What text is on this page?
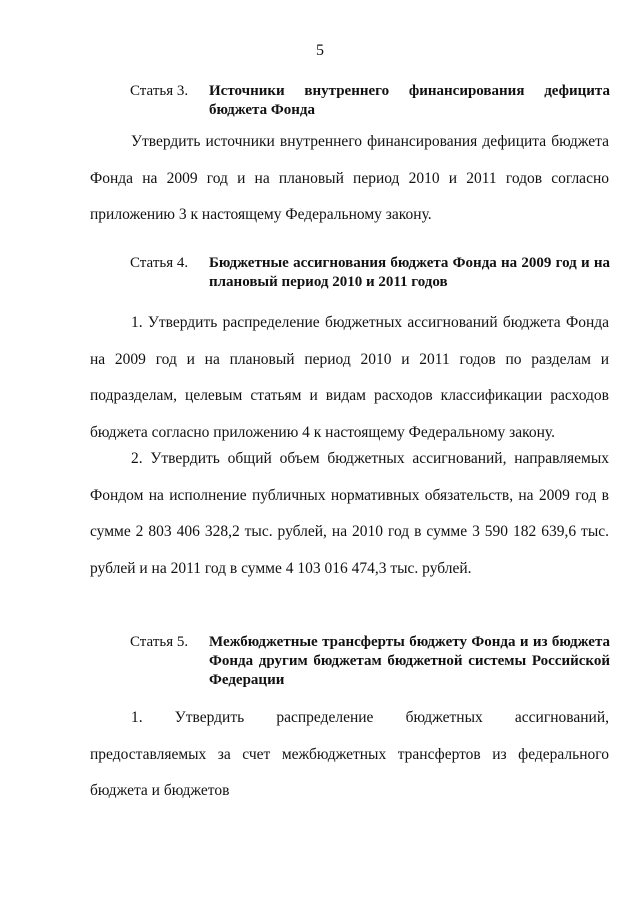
5
Статья 3.	Источники внутреннего финансирования дефицита бюджета Фонда

Утвердить источники внутреннего финансирования дефицита бюджета Фонда на 2009 год и на плановый период 2010 и 2011 годов согласно приложению 3 к настоящему Федеральному закону.

Статья 4.	Бюджетные ассигнования бюджета Фонда на 2009 год и на плановый период 2010 и 2011 годов

1. Утвердить распределение бюджетных ассигнований бюджета Фонда на 2009 год и на плановый период 2010 и 2011 годов по разделам и подразделам, целевым статьям и видам расходов классификации расходов бюджета согласно приложению 4 к настоящему Федеральному закону.

2. Утвердить общий объем бюджетных ассигнований, направляемых Фондом на исполнение публичных нормативных обязательств, на 2009 год в сумме 2 803 406 328,2 тыс. рублей, на 2010 год в сумме 3 590 182 639,6 тыс. рублей и на 2011 год в сумме 4 103 016 474,3 тыс. рублей.

Статья 5.	Межбюджетные трансферты бюджету Фонда и из бюджета Фонда другим бюджетам бюджетной системы Российской Федерации

1. Утвердить распределение бюджетных ассигнований, предоставляемых за счет межбюджетных трансфертов из федерального бюджета и бюджетов
